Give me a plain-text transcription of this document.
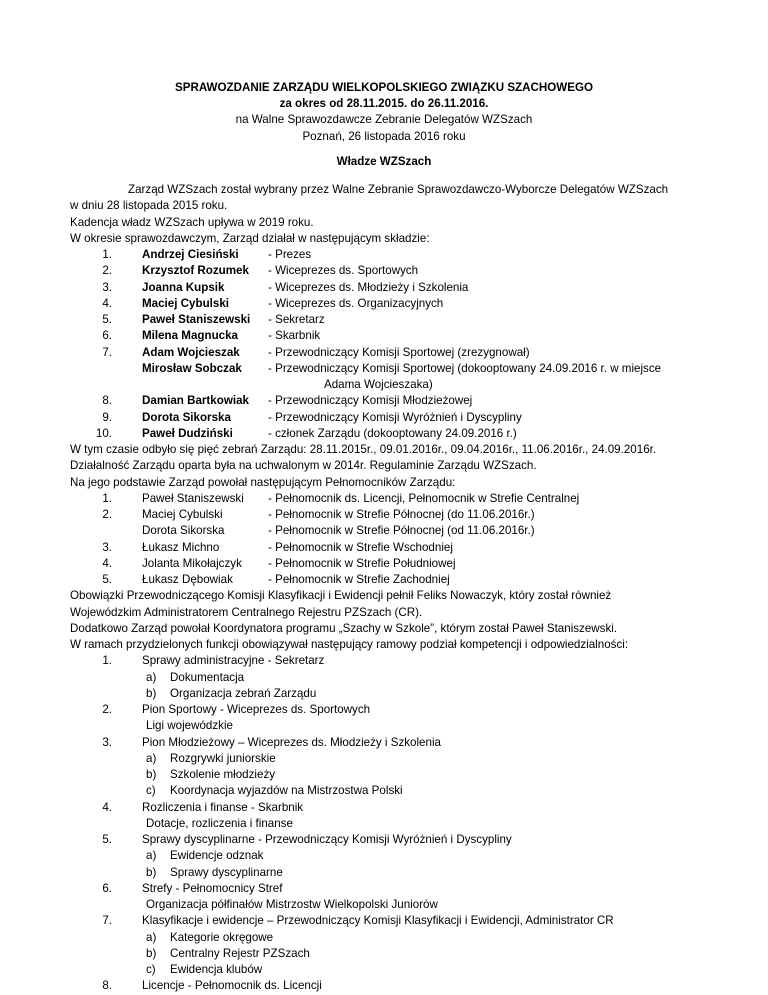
SPRAWOZDANIE ZARZĄDU WIELKOPOLSKIEGO ZWIĄZKU SZACHOWEGO
za okres od 28.11.2015. do 26.11.2016.
na Walne Sprawozdawcze Zebranie Delegatów WZSzach
Poznań, 26 listopada 2016 roku
Władze WZSzach
Zarząd WZSzach został wybrany przez Walne Zebranie Sprawozdawczo-Wyborcze Delegatów WZSzach
w dniu 28 listopada 2015 roku.
Kadencja władz WZSzach upływa w 2019 roku.
W okresie sprawozdawczym, Zarząd działał w następującym składzie:
1.	Andrzej Ciesiński	- Prezes
2.	Krzysztof Rozumek - Wiceprezes ds. Sportowych
3.	Joanna Kupsik	- Wiceprezes ds. Młodzieży i Szkolenia
4.	Maciej Cybulski	- Wiceprezes ds. Organizacyjnych
5.	Paweł Staniszewski - Sekretarz
6.	Milena Magnucka	- Skarbnik
7.	Adam Wojcieszak - Przewodniczący Komisji Sportowej (zrezygnował)
Mirosław Sobczak - Przewodniczący Komisji Sportowej (dokooptowany 24.09.2016 r. w miejsce
Adama Wojcieszaka)
8.	Damian Bartkowiak - Przewodniczący Komisji Młodzieżowej
9.	Dorota Sikorska	- Przewodniczący Komisji Wyróżnień i Dyscypliny
10.	Paweł Dudziński	- członek Zarządu (dokooptowany 24.09.2016 r.)
W tym czasie odbyło się pięć zebrań Zarządu: 28.11.2015r., 09.01.2016r., 09.04.2016r., 11.06.2016r., 24.09.2016r.
Działalność Zarządu oparta była na uchwalonym w 2014r. Regulaminie Zarządu WZSzach.
Na jego podstawie Zarząd powołał następującym Pełnomocników Zarządu:
1.	Paweł Staniszewski - Pełnomocnik ds. Licencji, Pełnomocnik w Strefie Centralnej
2.	Maciej Cybulski	- Pełnomocnik w Strefie Północnej (do 11.06.2016r.)
Dorota Sikorska	- Pełnomocnik w Strefie Północnej (od 11.06.2016r.)
3.	Łukasz Michno	- Pełnomocnik w Strefie Wschodniej
4.	Jolanta Mikołajczyk - Pełnomocnik w Strefie Południowej
5.	Łukasz Dębowiak	- Pełnomocnik w Strefie Zachodniej
Obowiązki Przewodniczącego Komisji Klasyfikacji i Ewidencji pełnił Feliks Nowaczyk, który został również
Wojewódzkim Administratorem Centralnego Rejestru PZSzach (CR).
Dodatkowo Zarząd powołał Koordynatora programu „Szachy w Szkole”, którym został Paweł Staniszewski.
W ramach przydzielonych funkcji obowiązywał następujący ramowy podział kompetencji i odpowiedzialności:
1.	Sprawy administracyjne - Sekretarz
a) Dokumentacja
b) Organizacja zebrań Zarządu
2.	Pion Sportowy - Wiceprezes ds. Sportowych
Ligi wojewódzkie
3.	Pion Młodzieżowy – Wiceprezes ds. Młodzieży i Szkolenia
a) Rozgrywki juniorskie
b) Szkolenie młodzieży
c) Koordynacja wyjazdów na Mistrzostwa Polski
4.	Rozliczenia i finanse - Skarbnik
Dotacje, rozliczenia i finanse
5.	Sprawy dyscyplinarne - Przewodniczący Komisji Wyróżnień i Dyscypliny
a) Ewidencje odznak
b) Sprawy dyscyplinarne
6.	Strefy - Pełnomocnicy Stref
Organizacja półfinałów Mistrzostw Wielkopolski Juniorów
7.	Klasyfikacje i ewidencje – Przewodniczący Komisji Klasyfikacji i Ewidencji, Administrator CR
a) Kategorie okręgowe
b) Centralny Rejestr PZSzach
c) Ewidencja klubów
8.	Licencje - Pełnomocnik ds. Licencji
